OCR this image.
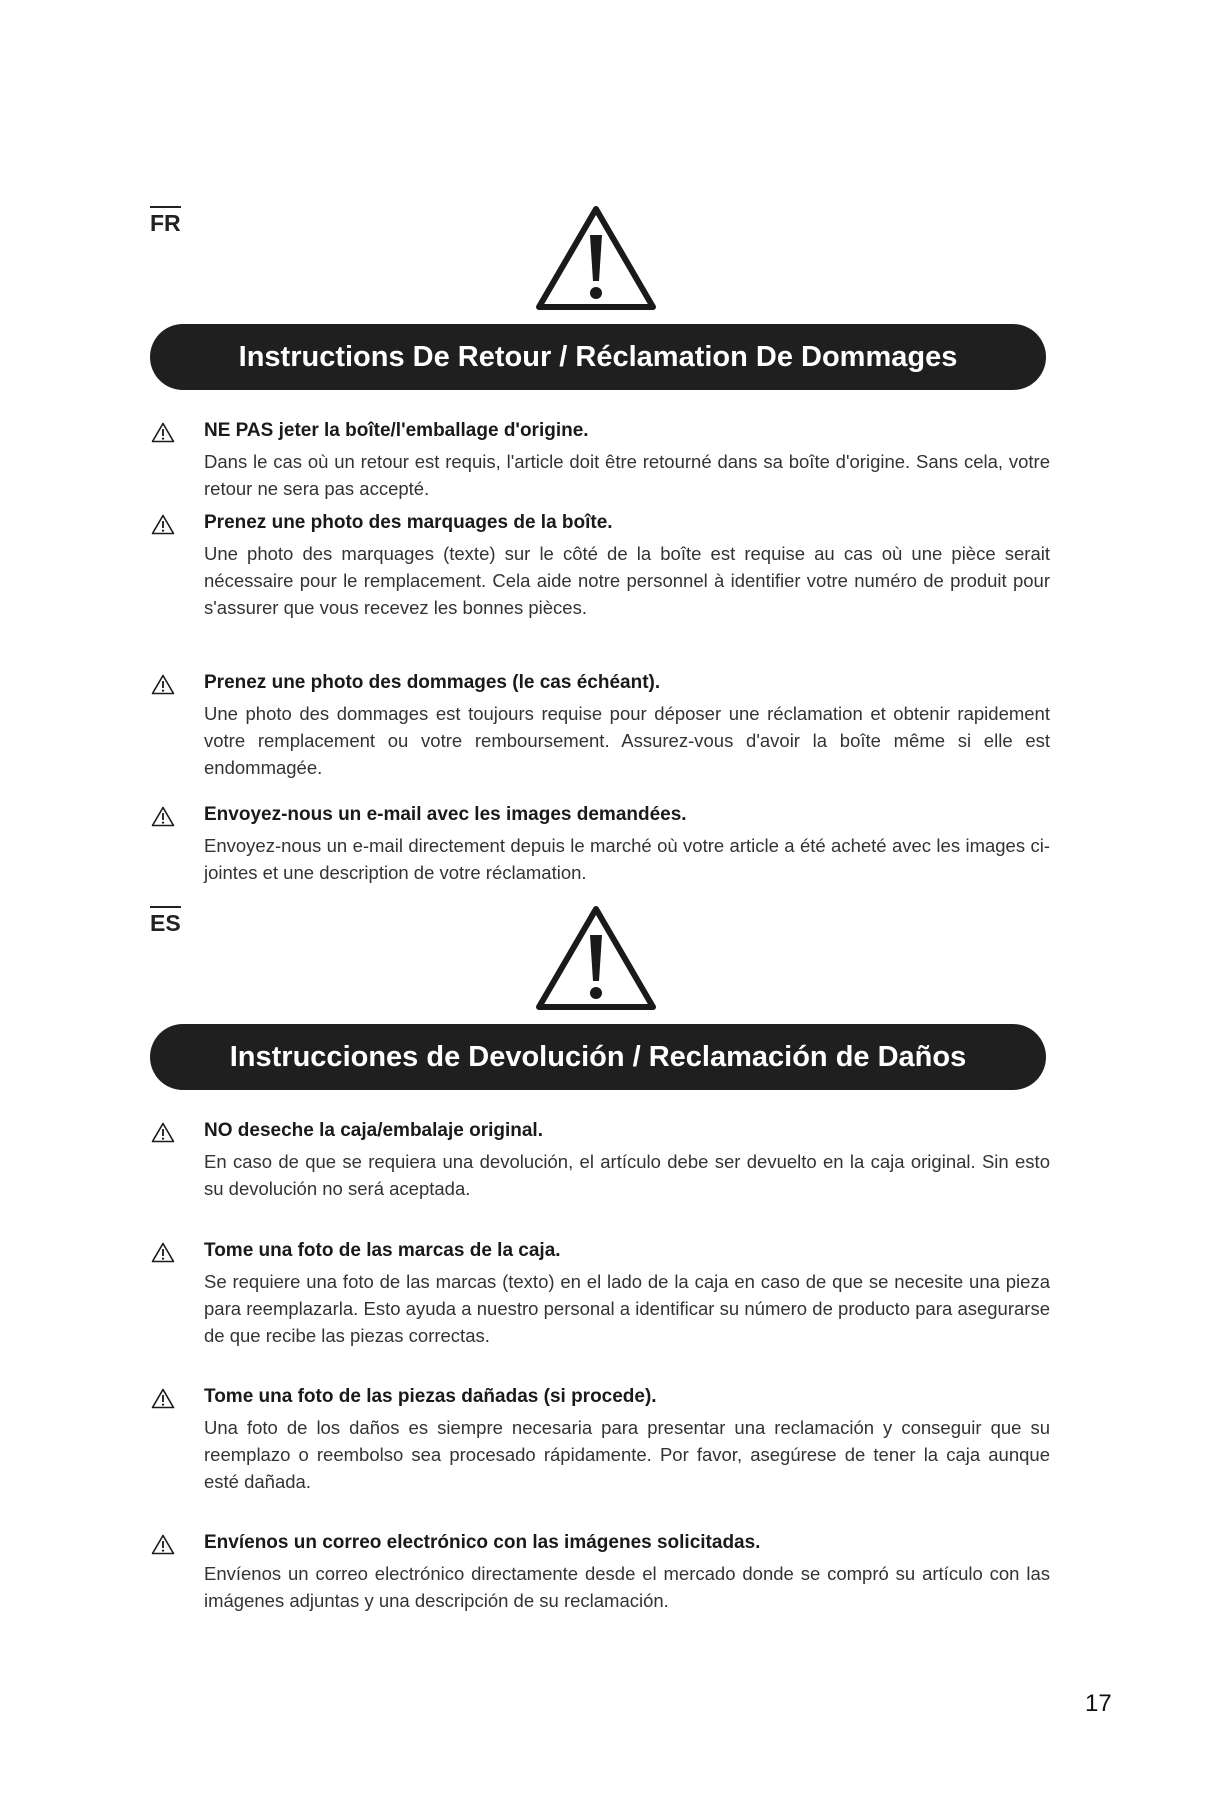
FR
Instructions De Retour / Réclamation De Dommages
NE PAS jeter la boîte/l'emballage d'origine.
Dans le cas où un retour est requis, l'article doit être retourné dans sa boîte d'origine. Sans cela, votre retour ne sera pas accepté.
Prenez une photo des marquages de la boîte.
Une photo des marquages (texte) sur le côté de la boîte est requise au cas où une pièce serait nécessaire pour le remplacement. Cela aide notre personnel à identifier votre numéro de produit pour s'assurer que vous recevez les bonnes pièces.
Prenez une photo des dommages (le cas échéant).
Une photo des dommages est toujours requise pour déposer une réclamation et obtenir rapidement votre remplacement ou votre remboursement. Assurez-vous d'avoir la boîte même si elle est endommagée.
Envoyez-nous un e-mail avec les images demandées.
Envoyez-nous un e-mail directement depuis le marché où votre article a été acheté avec les images ci-jointes et une description de votre réclamation.
ES
Instrucciones de Devolución / Reclamación de Daños
NO deseche la caja/embalaje original.
En caso de que se requiera una devolución, el artículo debe ser devuelto en la caja original. Sin esto su devolución no será aceptada.
Tome una foto de las marcas de la caja.
Se requiere una foto de las marcas (texto) en el lado de la caja en caso de que se necesite una pieza para reemplazarla. Esto ayuda a nuestro personal a identificar su número de producto para asegurarse de que recibe las piezas correctas.
Tome una foto de las piezas dañadas (si procede).
Una foto de los daños es siempre necesaria para presentar una reclamación y conseguir que su reemplazo o reembolso sea procesado rápidamente. Por favor, asegúrese de tener la caja aunque esté dañada.
Envíenos un correo electrónico con las imágenes solicitadas.
Envíenos un correo electrónico directamente desde el mercado donde se compró su artículo con las imágenes adjuntas y una descripción de su reclamación.
17
